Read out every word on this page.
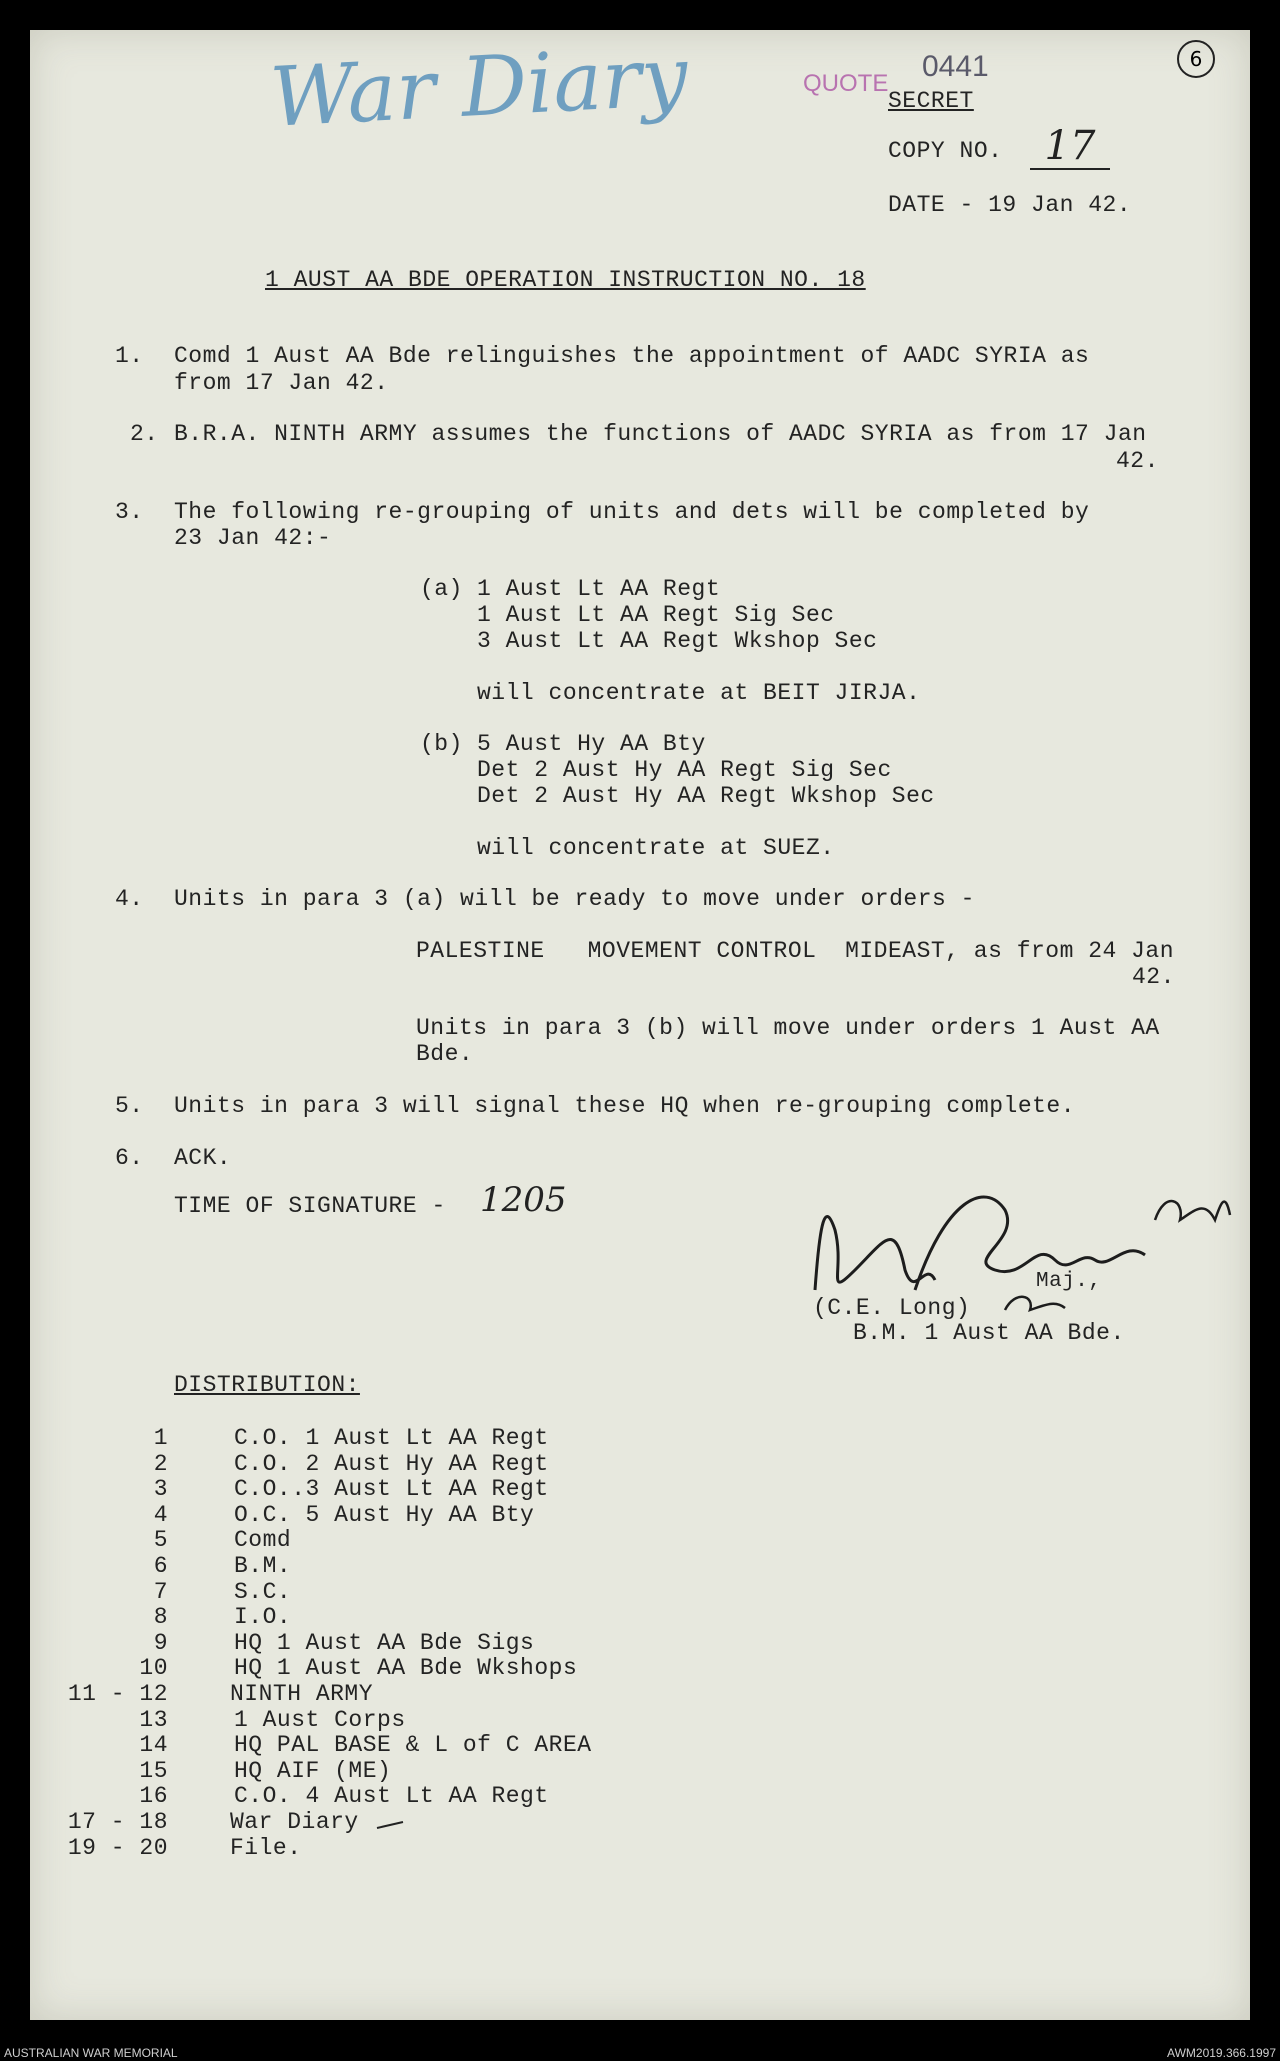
War Diary	QUOTE
0441	6
SECRET
COPY NO.	17
DATE - 19 Jan 42.
1 AUST AA BDE OPERATION INSTRUCTION NO. 18
1. Comd 1 Aust AA Bde relinguishes the appointment of AADC SYRIA as
from 17 Jan 42.
2. B.R.A. NINTH ARMY assumes the functions of AADC SYRIA as from 17 Jan
42.
3. The following re-grouping of units and dets will be completed by
23 Jan 42:-
(a) 1 Aust Lt AA Regt
1 Aust Lt AA Regt Sig Sec
3 Aust Lt AA Regt Wkshop Sec
will concentrate at BEIT JIRJA.
(b) 5 Aust Hy AA Bty
Det 2 Aust Hy AA Regt Sig Sec
Det 2 Aust Hy AA Regt Wkshop Sec
will concentrate at SUEZ.
4. Units in para 3 (a) will be ready to move under orders -
PALESTINE   MOVEMENT CONTROL  MIDEAST, as from 24 Jan
42.
Units in para 3 (b) will move under orders 1 Aust AA
Bde.
5. Units in para 3 will signal these HQ when re-grouping complete.
6. ACK.
TIME OF SIGNATURE - 1205
Maj.,
(C.E. Long)
B.M. 1 Aust AA Bde.
DISTRIBUTION:
1	C.O. 1 Aust Lt AA Regt
2	C.O. 2 Aust Hy AA Regt
3	C.O..3 Aust Lt AA Regt
4	O.C. 5 Aust Hy AA Bty
5	Comd
6	B.M.
7	S.C.
8	I.O.
9	HQ 1 Aust AA Bde Sigs
10	HQ 1 Aust AA Bde Wkshops
11 - 12	NINTH ARMY
13	1 Aust Corps
14	HQ PAL BASE & L of C AREA
15	HQ AIF (ME)
16	C.O. 4 Aust Lt AA Regt
17 - 18	War Diary
19 - 20	File.
AUSTRALIAN WAR MEMORIAL	AWM2019.366.1997
